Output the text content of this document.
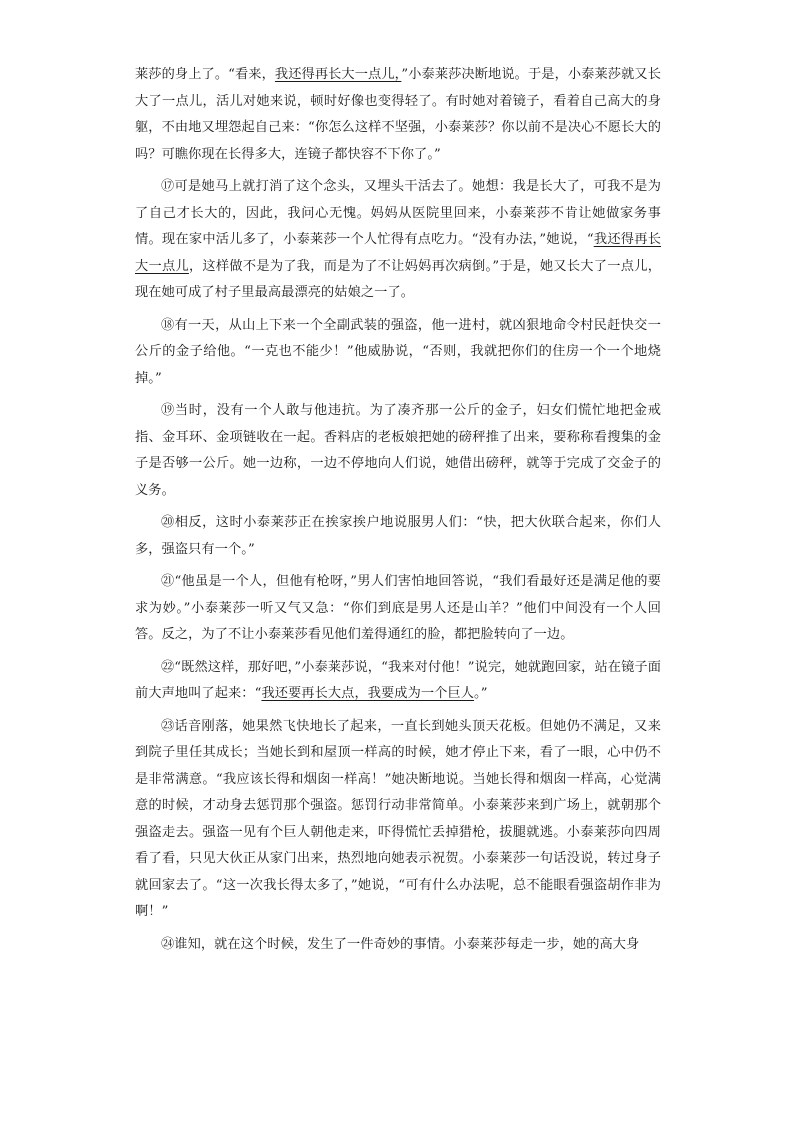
莱莎的身上了。“看来，我还得再长大一点儿，”小泰莱莎决断地说。于是，小泰莱莎就又长大了一点儿，活儿对她来说，顿时好像也变得轻了。有时她对着镜子，看着自己高大的身躯，不由地又埋怨起自己来：“你怎么这样不坚强，小泰莱莎？你以前不是决心不愿长大的吗？可瞧你现在长得多大，连镜子都快容不下你了。”

⑰可是她马上就打消了这个念头，又埋头干活去了。她想：我是长大了，可我不是为了自己才长大的，因此，我问心无愧。妈妈从医院里回来，小泰莱莎不肯让她做家务事情。现在家中活儿多了，小泰莱莎一个人忙得有点吃力。“没有办法，”她说，“我还得再长大一点儿，这样做不是为了我，而是为了不让妈妈再次病倒。”于是，她又长大了一点儿，现在她可成了村子里最高最漂亮的姑娘之一了。

⑱有一天，从山上下来一个全副武装的强盗，他一进村，就凶狠地命令村民赶快交一公斤的金子给他。“一克也不能少！”他威胁说，“否则，我就把你们的住房一个一个地烧掉。”

⑲当时，没有一个人敢与他违抗。为了凑齐那一公斤的金子，妇女们慌忙地把金戒指、金耳环、金项链收在一起。香料店的老板娘把她的磅秤推了出来，要称称看搜集的金子是否够一公斤。她一边称，一边不停地向人们说，她借出磅秤，就等于完成了交金子的义务。

⑳相反，这时小泰莱莎正在挨家挨户地说服男人们：“快，把大伙联合起来，你们人多，强盗只有一个。”

㉑“他虽是一个人，但他有枪呀，”男人们害怕地回答说，“我们看最好还是满足他的要求为妙。”小泰莱莎一听又气又急：“你们到底是男人还是山羊？”他们中间没有一个人回答。反之，为了不让小泰莱莎看见他们羞得通红的脸，都把脸转向了一边。

㉒“既然这样，那好吧，”小泰莱莎说，“我来对付他！”说完，她就跑回家，站在镜子面前大声地叫了起来：“我还要再长大点，我要成为一个巨人。”

㉓话音刚落，她果然飞快地长了起来，一直长到她头顶天花板。但她仍不满足，又来到院子里任其成长；当她长到和屋顶一样高的时候，她才停止下来，看了一眼，心中仍不是非常满意。“我应该长得和烟囱一样高！”她决断地说。当她长得和烟囱一样高，心觉满意的时候，才动身去惩罚那个强盗。惩罚行动非常简单。小泰莱莎来到广场上，就朝那个强盗走去。强盗一见有个巨人朝他走来，吓得慌忙丢掉猎枪，拔腿就逃。小泰莱莎向四周看了看，只见大伙正从家门出来，热烈地向她表示祝贺。小泰莱莎一句话没说，转过身子就回家去了。“这一次我长得太多了，”她说，“可有什么办法呢，总不能眼看强盗胡作非为啊！”

㉔谁知，就在这个时候，发生了一件奇妙的事情。小泰莱莎每走一步，她的高大身
